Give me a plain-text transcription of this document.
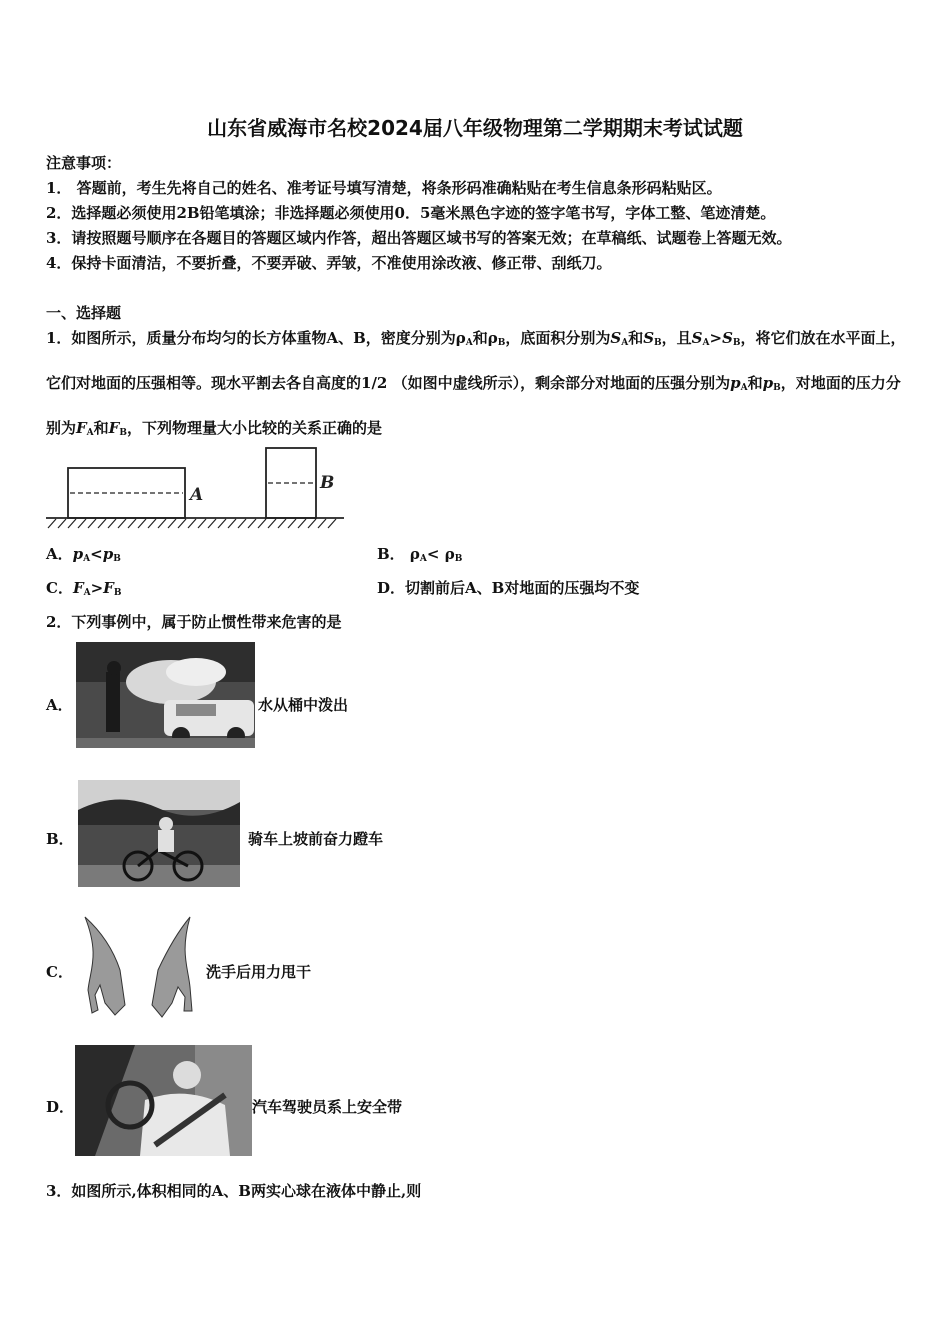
山东省威海市名校2024届八年级物理第二学期期末考试试题
注意事项：
1． 答题前，考生先将自己的姓名、准考证号填写清楚，将条形码准确粘贴在考生信息条形码粘贴区。
2．选择题必须使用2B铅笔填涂；非选择题必须使用0．5毫米黑色字迹的签字笔书写，字体工整、笔迹清楚。
3．请按照题号顺序在各题目的答题区域内作答，超出答题区域书写的答案无效；在草稿纸、试题卷上答题无效。
4．保持卡面清洁，不要折叠，不要弄破、弄皱，不准使用涂改液、修正带、刮纸刀。
一、选择题
1．如图所示，质量分布均匀的长方体重物A、B，密度分别为$\rho_A$和$\rho_B$，底面积分别为$S_A$和$S_B$，且$S_A>S_B$，将它们放在水平面上，它们对地面的压强相等。现水平割去各自高度的1/2 （如图中虚线所示），剩余部分对地面的压强分别为$p_A$和$p_B$，对地面的压力分别为$F_A$和$F_B$，下列物理量大小比较的关系正确的是
A
B
A．$p_A<p_B$	B． $\rho_A< \rho_B$
C．$F_A>F_B$	D．切割前后A、B对地面的压强均不变
2．下列事例中，属于防止惯性带来危害的是
A．	水从桶中泼出
B．	骑车上坡前奋力蹬车
C．	洗手后用力甩干
D．	汽车驾驶员系上安全带
3．如图所示,体积相同的A、B两实心球在液体中静止,则
